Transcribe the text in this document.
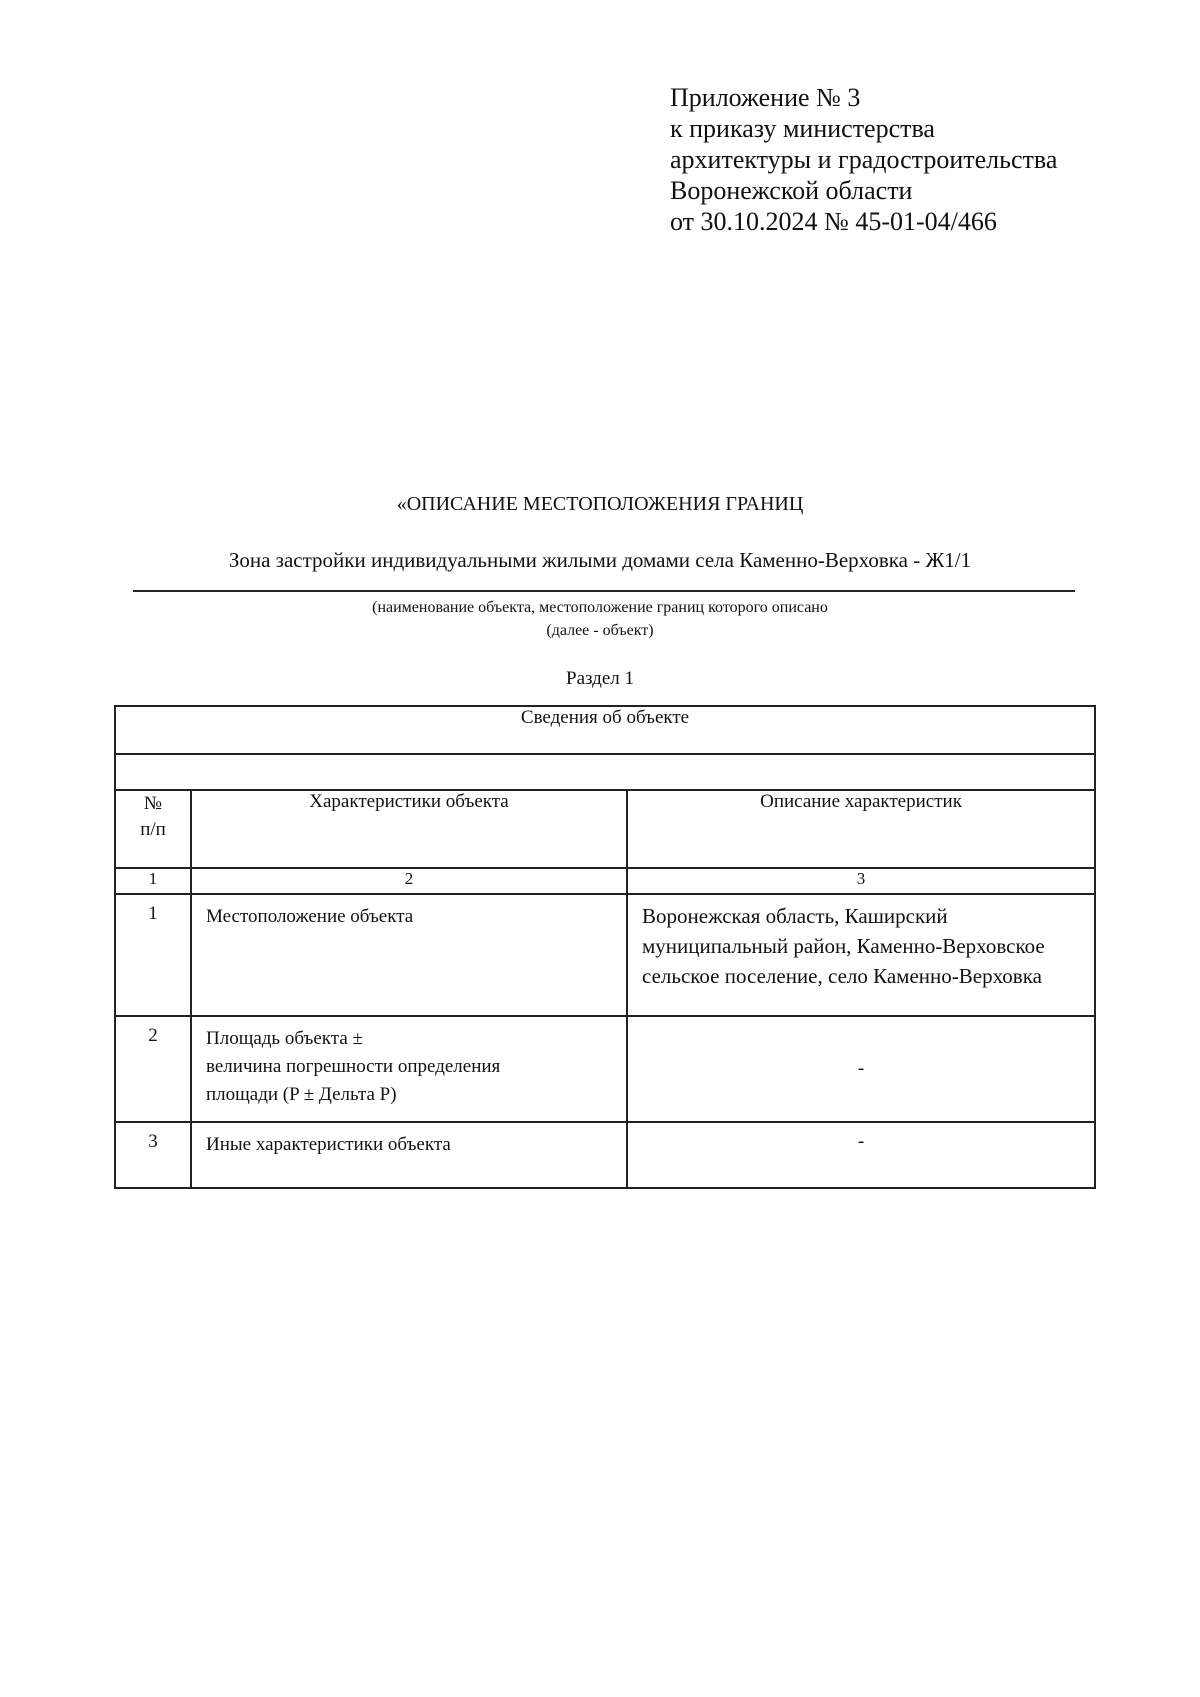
Приложение № 3
к приказу министерства
архитектуры и градостроительства
Воронежской области
от 30.10.2024 № 45-01-04/466
«ОПИСАНИЕ МЕСТОПОЛОЖЕНИЯ ГРАНИЦ
Зона застройки индивидуальными жилыми домами села Каменно-Верховка - Ж1/1
(наименование объекта, местоположение границ которого описано
(далее - объект)
Раздел 1
Сведения об объекте		

№
п/п	Характеристики объекта	Описание характеристик
1	2	3
1	Местоположение объекта	Воронежская область, Каширский муниципальный район, Каменно-Верховское сельское поселение, село Каменно-Верховка
2	Площадь объекта ±
величина погрешности определения
площади (P ± Дельта P)	-
3	Иные характеристики объекта	-
